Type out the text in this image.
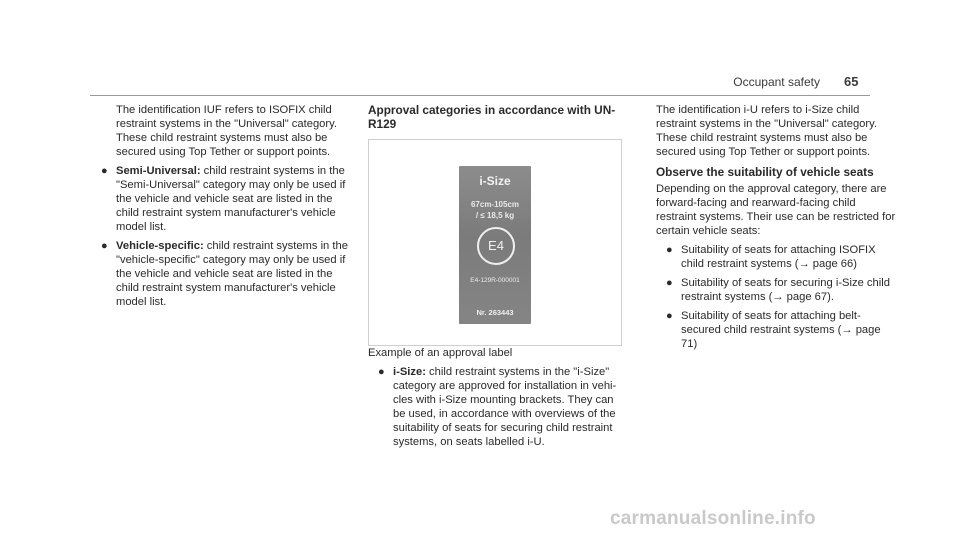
Occupant safety 65

The identification IUF refers to ISOFIX child restraint systems in the "Universal" category. These child restraint systems must also be secured using Top Tether or support points.

● Semi-Universal: child restraint systems in the "Semi-Universal" category may only be used if the vehicle and vehicle seat are listed in the child restraint system manufacturer's vehicle model list.
● Vehicle-specific: child restraint systems in the "vehicle-specific" category may only be used if the vehicle and vehicle seat are listed in the child restraint system manufacturer's vehicle model list.
Approval categories in accordance with UN-R129
i-Size
67cm-105cm
/ ≤ 18,5 kg
E4
E4-129R-000001
Nr. 263443

Example of an approval label

● i-Size: child restraint systems in the "i-Size" category are approved for installation in vehi- cles with i-Size mounting brackets. They can be used, in accordance with overviews of the suitability of seats for securing child restraint systems, on seats labelled i-U.

The identification i-U refers to i-Size child restraint systems in the "Universal" category. These child restraint systems must also be secured using Top Tether or support points.

Observe the suitability of vehicle seats

Depending on the approval category, there are forward-facing and rearward-facing child restraint systems. Their use can be restricted for certain vehicle seats:

● Suitability of seats for attaching ISOFIX child restraint systems (→ page 66)
● Suitability of seats for securing i-Size child restraint systems (→ page 67).
● Suitability of seats for attaching belt-secured child restraint systems (→ page 71)
carmanualsonline.info
